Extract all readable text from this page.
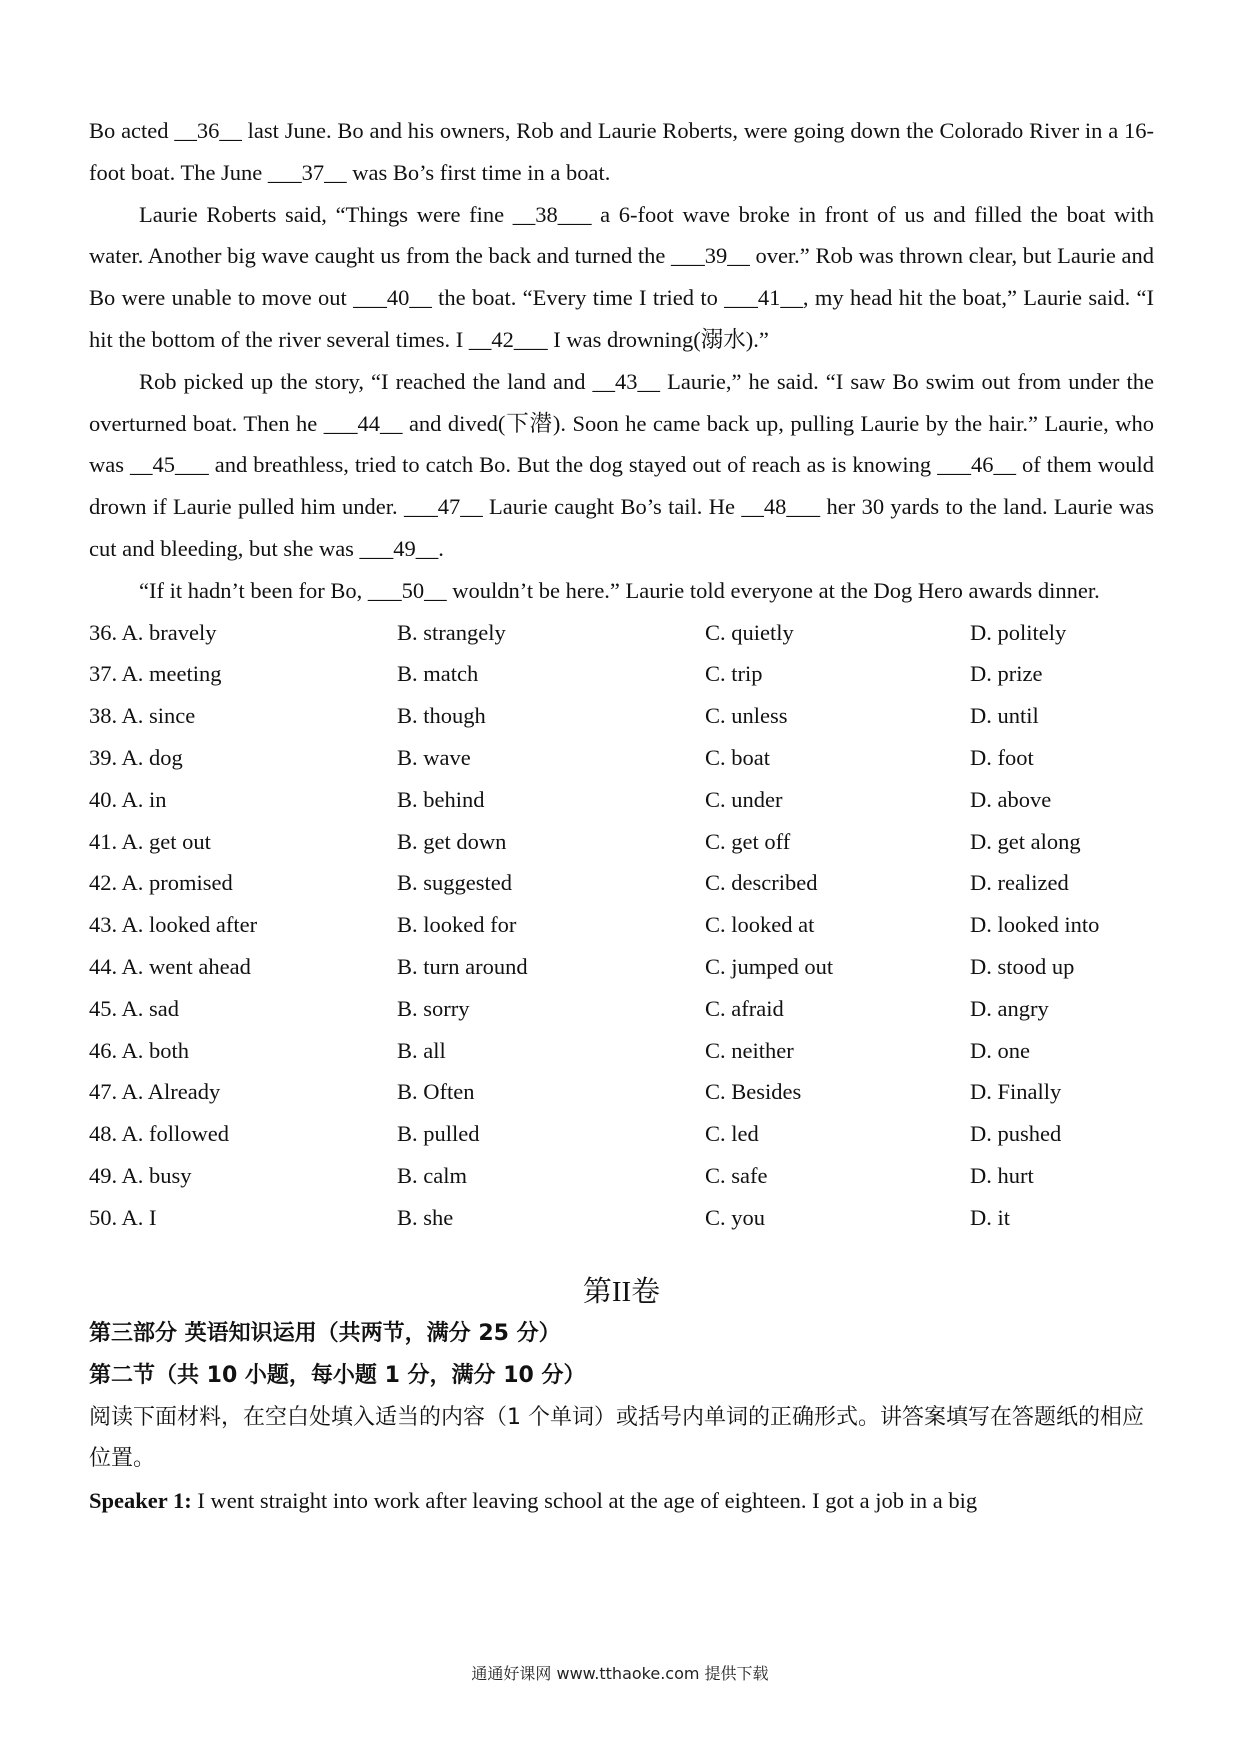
Bo acted __36__ last June. Bo and his owners, Rob and Laurie Roberts, were going down the Colorado River in a 16-foot boat. The June ___37__ was Bo’s first time in a boat.

Laurie Roberts said, “Things were fine __38___ a 6-foot wave broke in front of us and filled the boat with water. Another big wave caught us from the back and turned the ___39__ over.” Rob was thrown clear, but Laurie and Bo were unable to move out ___40__ the boat. “Every time I tried to ___41__, my head hit the boat,” Laurie said. “I hit the bottom of the river several times. I __42___ I was drowning(溺水).”

Rob picked up the story, “I reached the land and __43__ Laurie,” he said. “I saw Bo swim out from under the overturned boat. Then he ___44__ and dived(下潜). Soon he came back up, pulling Laurie by the hair.” Laurie, who was __45___ and breathless, tried to catch Bo. But the dog stayed out of reach as is knowing ___46__ of them would drown if Laurie pulled him under. ___47__ Laurie caught Bo’s tail. He __48___ her 30 yards to the land. Laurie was cut and bleeding, but she was ___49__.

“If it hadn’t been for Bo, ___50__ wouldn’t be here.” Laurie told everyone at the Dog Hero awards dinner.

36. A. bravely	B. strangely	C. quietly	D. politely
37. A. meeting	B. match	C. trip	D. prize
38. A. since	B. though	C. unless	D. until
39. A. dog	B. wave	C. boat	D. foot
40. A. in	B. behind	C. under	D. above
41. A. get out	B. get down	C. get off	D. get along
42. A. promised	B. suggested	C. described	D. realized
43. A. looked after	B. looked for	C. looked at	D. looked into
44. A. went ahead	B. turn around	C. jumped out	D. stood up
45. A. sad	B. sorry	C. afraid	D. angry
46. A. both	B. all	C. neither	D. one
47. A. Already	B. Often	C. Besides	D. Finally
48. A. followed	B. pulled	C. led	D. pushed
49. A. busy	B. calm	C. safe	D. hurt
50. A. I	B. she	C. you	D. it
第II卷

第三部分 英语知识运用（共两节，满分 25 分）

第二节（共 10 小题，每小题 1 分，满分 10 分）

阅读下面材料，在空白处填入适当的内容（1 个单词）或括号内单词的正确形式。讲答案填写在答题纸的相应位置。

Speaker 1: I went straight into work after leaving school at the age of eighteen. I got a job in a big

通通好课网 www.tthaoke.com 提供下载
